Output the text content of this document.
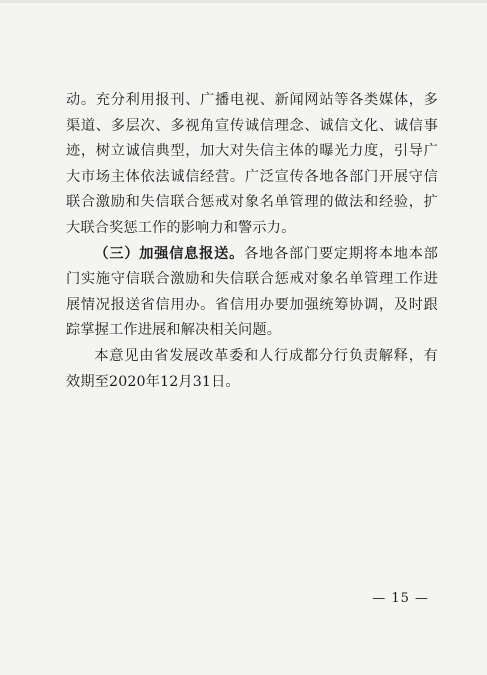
动。充分利用报刊、广播电视、新闻网站等各类媒体，多渠道、多层次、多视角宣传诚信理念、诚信文化、诚信事迹，树立诚信典型，加大对失信主体的曝光力度，引导广大市场主体依法诚信经营。广泛宣传各地各部门开展守信联合激励和失信联合惩戒对象名单管理的做法和经验，扩大联合奖惩工作的影响力和警示力。

（三）加强信息报送。各地各部门要定期将本地本部门实施守信联合激励和失信联合惩戒对象名单管理工作进展情况报送省信用办。省信用办要加强统筹协调，及时跟踪掌握工作进展和解决相关问题。

本意见由省发展改革委和人行成都分行负责解释，有效期至2020年12月31日。

— 15 —
